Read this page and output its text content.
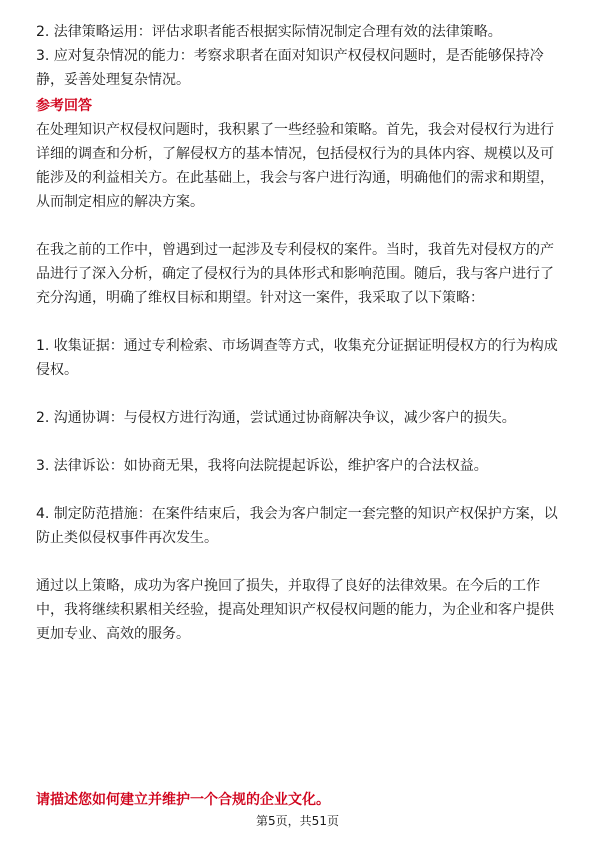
2. 法律策略运用：评估求职者能否根据实际情况制定合理有效的法律策略。

3. 应对复杂情况的能力：考察求职者在面对知识产权侵权问题时，是否能够保持冷静，妥善处理复杂情况。

参考回答

在处理知识产权侵权问题时，我积累了一些经验和策略。首先，我会对侵权行为进行详细的调查和分析，了解侵权方的基本情况，包括侵权行为的具体内容、规模以及可能涉及的利益相关方。在此基础上，我会与客户进行沟通，明确他们的需求和期望，从而制定相应的解决方案。

在我之前的工作中，曾遇到过一起涉及专利侵权的案件。当时，我首先对侵权方的产品进行了深入分析，确定了侵权行为的具体形式和影响范围。随后，我与客户进行了充分沟通，明确了维权目标和期望。针对这一案件，我采取了以下策略：

1. 收集证据：通过专利检索、市场调查等方式，收集充分证据证明侵权方的行为构成侵权。

2. 沟通协调：与侵权方进行沟通，尝试通过协商解决争议，减少客户的损失。

3. 法律诉讼：如协商无果，我将向法院提起诉讼，维护客户的合法权益。

4. 制定防范措施：在案件结束后，我会为客户制定一套完整的知识产权保护方案，以防止类似侵权事件再次发生。

通过以上策略，成功为客户挽回了损失，并取得了良好的法律效果。在今后的工作中，我将继续积累相关经验，提高处理知识产权侵权问题的能力，为企业和客户提供更加专业、高效的服务。

请描述您如何建立并维护一个合规的企业文化。

第5页，共51页
